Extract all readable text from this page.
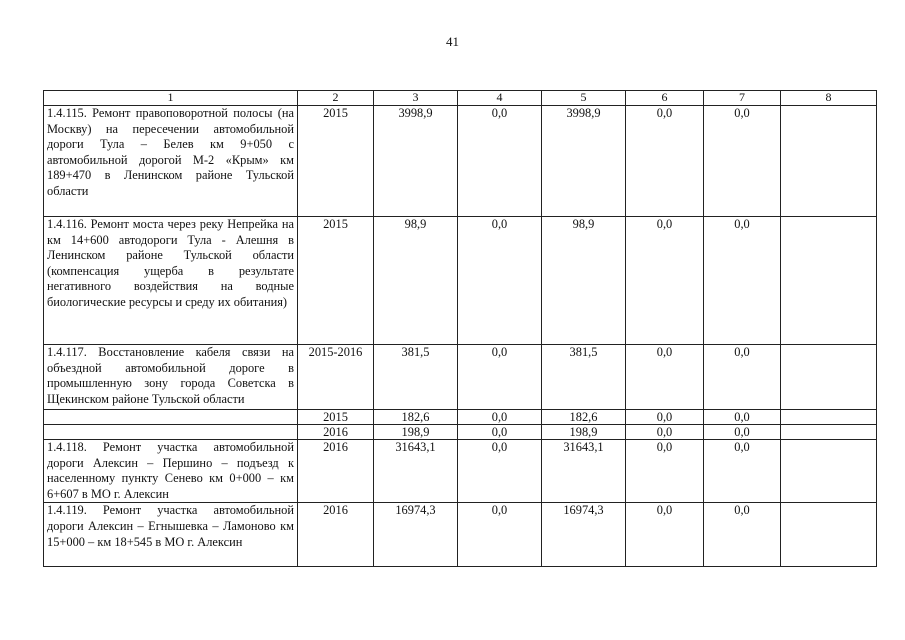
41
1	2	3	4	5	6	7	8
1.4.115. Ремонт правоповоротной полосы (на Москву) на пересечении автомобильной дороги Тула – Белев км 9+050 с автомобильной дорогой М-2 «Крым» км 189+470 в Ленинском районе Тульской области	2015	3998,9	0,0	3998,9	0,0	0,0	
1.4.116. Ремонт моста через реку Непрейка на км 14+600 автодороги Тула - Алешня в Ленинском районе Тульской области (компенсация ущерба в результате негативного воздействия на водные биологические ресурсы и среду их обитания)	2015	98,9	0,0	98,9	0,0	0,0	
1.4.117. Восстановление кабеля связи на объездной автомобильной дороге в промышленную зону города Советска в Щекинском районе Тульской области	2015-2016	381,5	0,0	381,5	0,0	0,0	
	2015	182,6	0,0	182,6	0,0	0,0	
	2016	198,9	0,0	198,9	0,0	0,0	
1.4.118. Ремонт участка автомобильной дороги Алексин – Першино – подъезд к населенному пункту Сенево км 0+000 – км 6+607 в МО г. Алексин	2016	31643,1	0,0	31643,1	0,0	0,0	
1.4.119. Ремонт участка автомобильной дороги Алексин – Егнышевка – Ламоново км 15+000 – км 18+545 в МО г. Алексин	2016	16974,3	0,0	16974,3	0,0	0,0	
